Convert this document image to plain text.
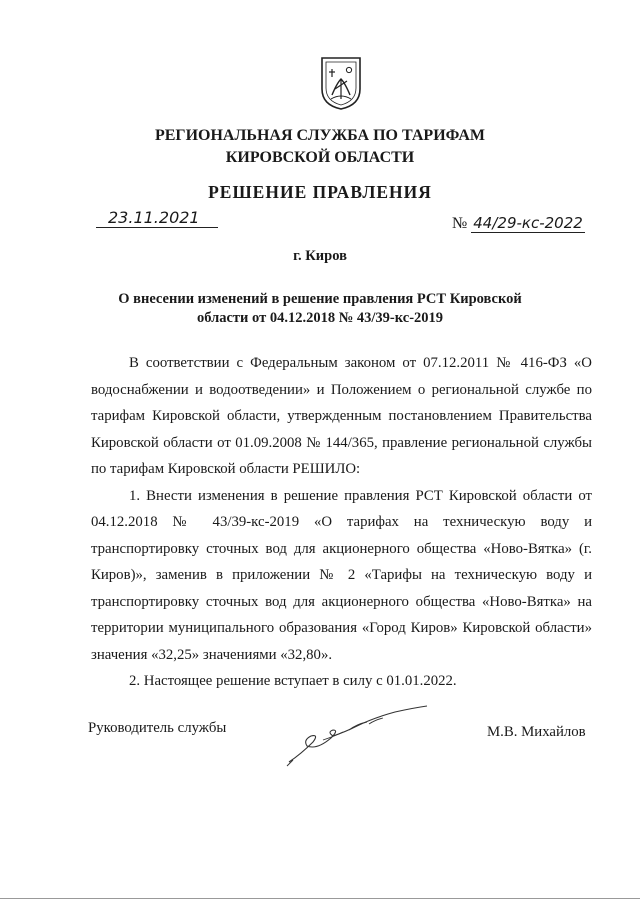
РЕГИОНАЛЬНАЯ СЛУЖБА ПО ТАРИФАМ
КИРОВСКОЙ ОБЛАСТИ
РЕШЕНИЕ ПРАВЛЕНИЯ
23.11.2021	№ 44/29-кс-2022
г. Киров
О внесении изменений в решение правления РСТ Кировской
области от 04.12.2018 № 43/39-кс-2019

В соответствии с Федеральным законом от 07.12.2011 № 416-ФЗ «О водоснабжении и водоотведении» и Положением о региональной службе по тарифам Кировской области, утвержденным постановлением Правительства Кировской области от 01.09.2008 № 144/365, правление региональной службы по тарифам Кировской области РЕШИЛО:

1. Внести изменения в решение правления РСТ Кировской области от 04.12.2018 № 43/39-кс-2019 «О тарифах на техническую воду и транспортировку сточных вод для акционерного общества «Ново-Вятка» (г. Киров)», заменив в приложении № 2 «Тарифы на техническую воду и транспортировку сточных вод для акционерного общества «Ново-Вятка» на территории муниципального образования «Город Киров» Кировской области» значения «32,25» значениями «32,80».

2. Настоящее решение вступает в силу с 01.01.2022.

Руководитель службы	М.В. Михайлов
